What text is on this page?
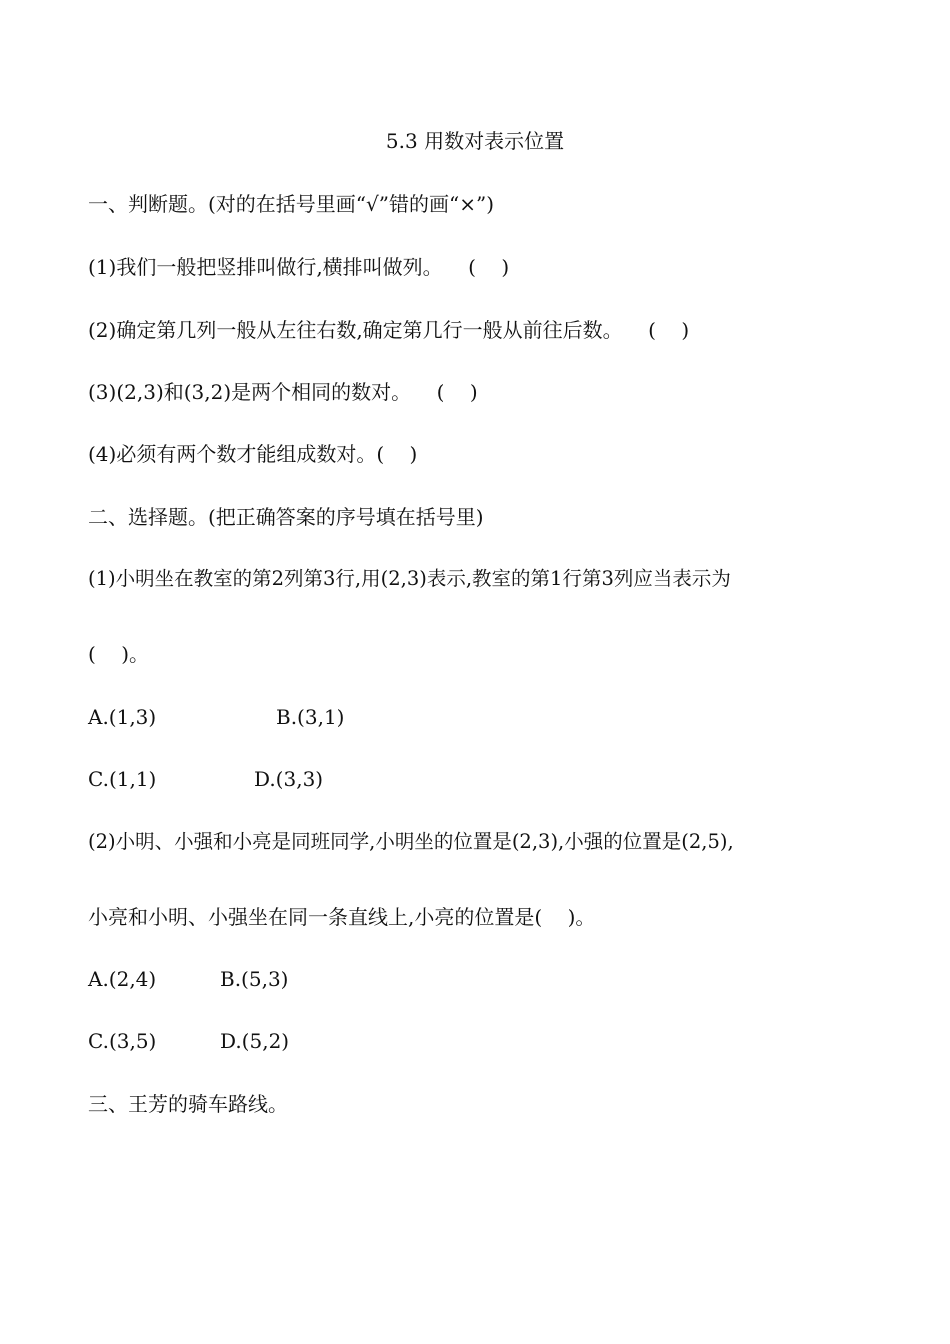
5.3 用数对表示位置
一、判断题。(对的在括号里画“√”错的画“×”)
(1)我们一般把竖排叫做行,横排叫做列。    (    )
(2)确定第几列一般从左往右数,确定第几行一般从前往后数。    (    )
(3)(2,3)和(3,2)是两个相同的数对。    (    )
(4)必须有两个数才能组成数对。(    )
二、选择题。(把正确答案的序号填在括号里)
(1)小明坐在教室的第2列第3行,用(2,3)表示,教室的第1行第3列应当表示为
(    )。
A.(1,3)	B.(3,1)
C.(1,1)	D.(3,3)
(2)小明、小强和小亮是同班同学,小明坐的位置是(2,3),小强的位置是(2,5),
小亮和小明、小强坐在同一条直线上,小亮的位置是(    )。
A.(2,4)	B.(5,3)
C.(3,5)	D.(5,2)
三、王芳的骑车路线。
